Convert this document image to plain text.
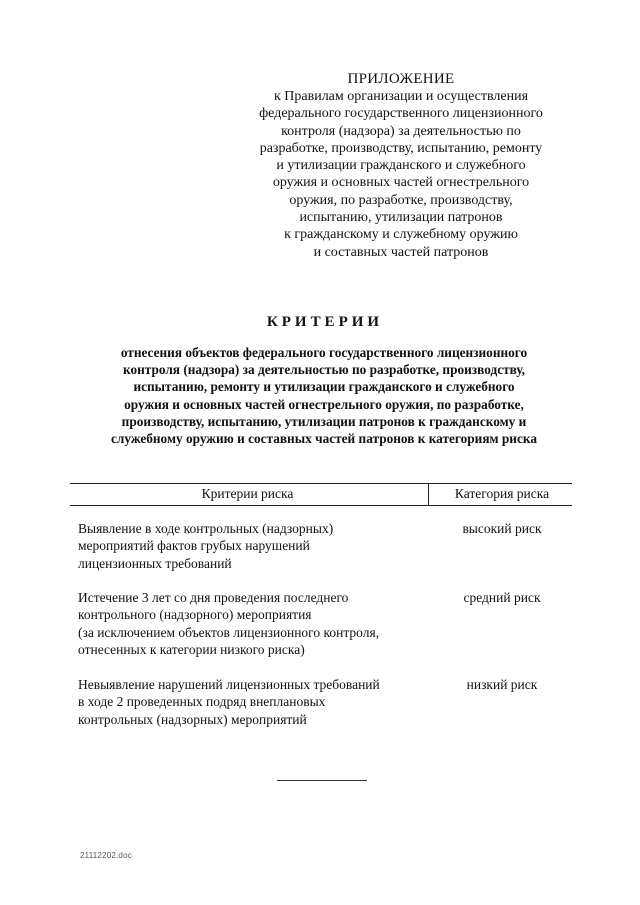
ПРИЛОЖЕНИЕ
к Правилам организации и осуществления
федерального государственного лицензионного
контроля (надзора) за деятельностью по
разработке, производству, испытанию, ремонту
и утилизации гражданского и служебного
оружия и основных частей огнестрельного
оружия, по разработке, производству,
испытанию, утилизации патронов
к гражданскому и служебному оружию
и составных частей патронов
КРИТЕРИИ
отнесения объектов федерального государственного лицензионного
контроля (надзора) за деятельностью по разработке, производству,
испытанию, ремонту и утилизации гражданского и служебного
оружия и основных частей огнестрельного оружия, по разработке,
производству, испытанию, утилизации патронов к гражданскому и
служебному оружию и составных частей патронов к категориям риска
Критерии риска	Категория риска
Выявление в ходе контрольных (надзорных)
мероприятий фактов грубых нарушений
лицензионных требований
высокий риск
Истечение 3 лет со дня проведения последнего
контрольного (надзорного) мероприятия
(за исключением объектов лицензионного контроля,
отнесенных к категории низкого риска)
средний риск
Невыявление нарушений лицензионных требований
в ходе 2 проведенных подряд внеплановых
контрольных (надзорных) мероприятий
низкий риск
21112202.doc
